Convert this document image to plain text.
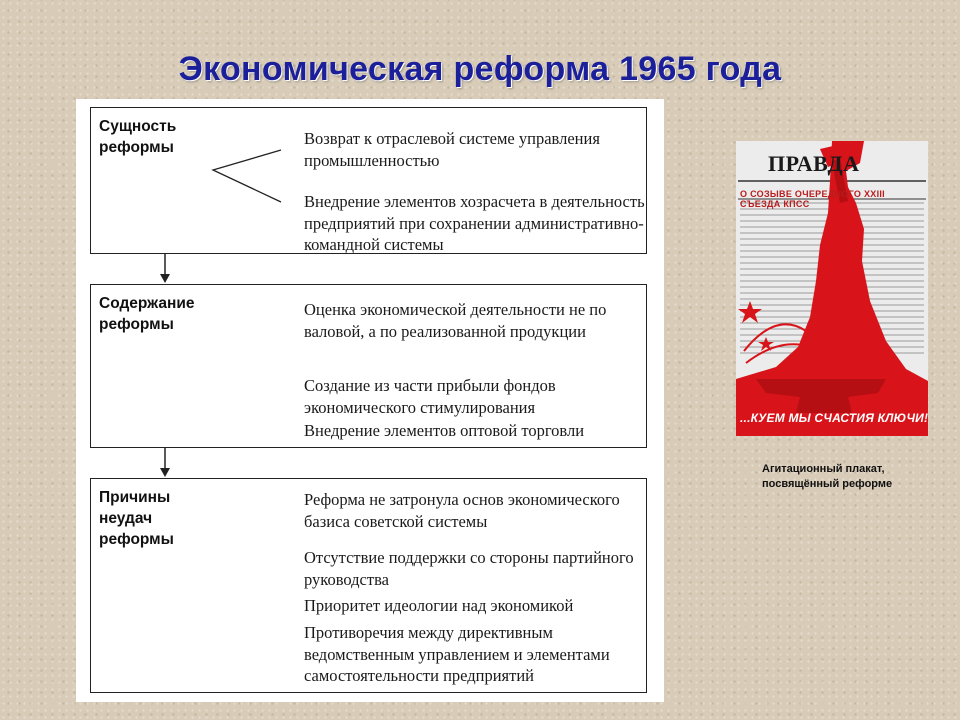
Экономическая реформа 1965 года
Сущность реформы	Возврат к отраслевой системе управления промышленностью
Внедрение элементов хозрасчета в деятельность предприятий при сохранении административно-командной системы
Содержание реформы
Оценка экономической деятельности не по валовой, а по реализованной продукции
Создание из части прибыли фондов экономического стимулирования
Внедрение элементов оптовой торговли
Причины неудач реформы
Реформа не затронула основ экономического базиса советской системы
Отсутствие поддержки со стороны партийного руководства
Приоритет идеологии над экономикой
Противоречия между директивным ведомственным управлением и элементами самостоятельности предприятий
ПРАВДА
О СОЗЫВЕ ОЧЕРЕДНОГО XXIII СЪЕЗДА КПСС
...КУЕМ МЫ СЧАСТИЯ КЛЮЧИ!
Агитационный плакат, посвящённый реформе
